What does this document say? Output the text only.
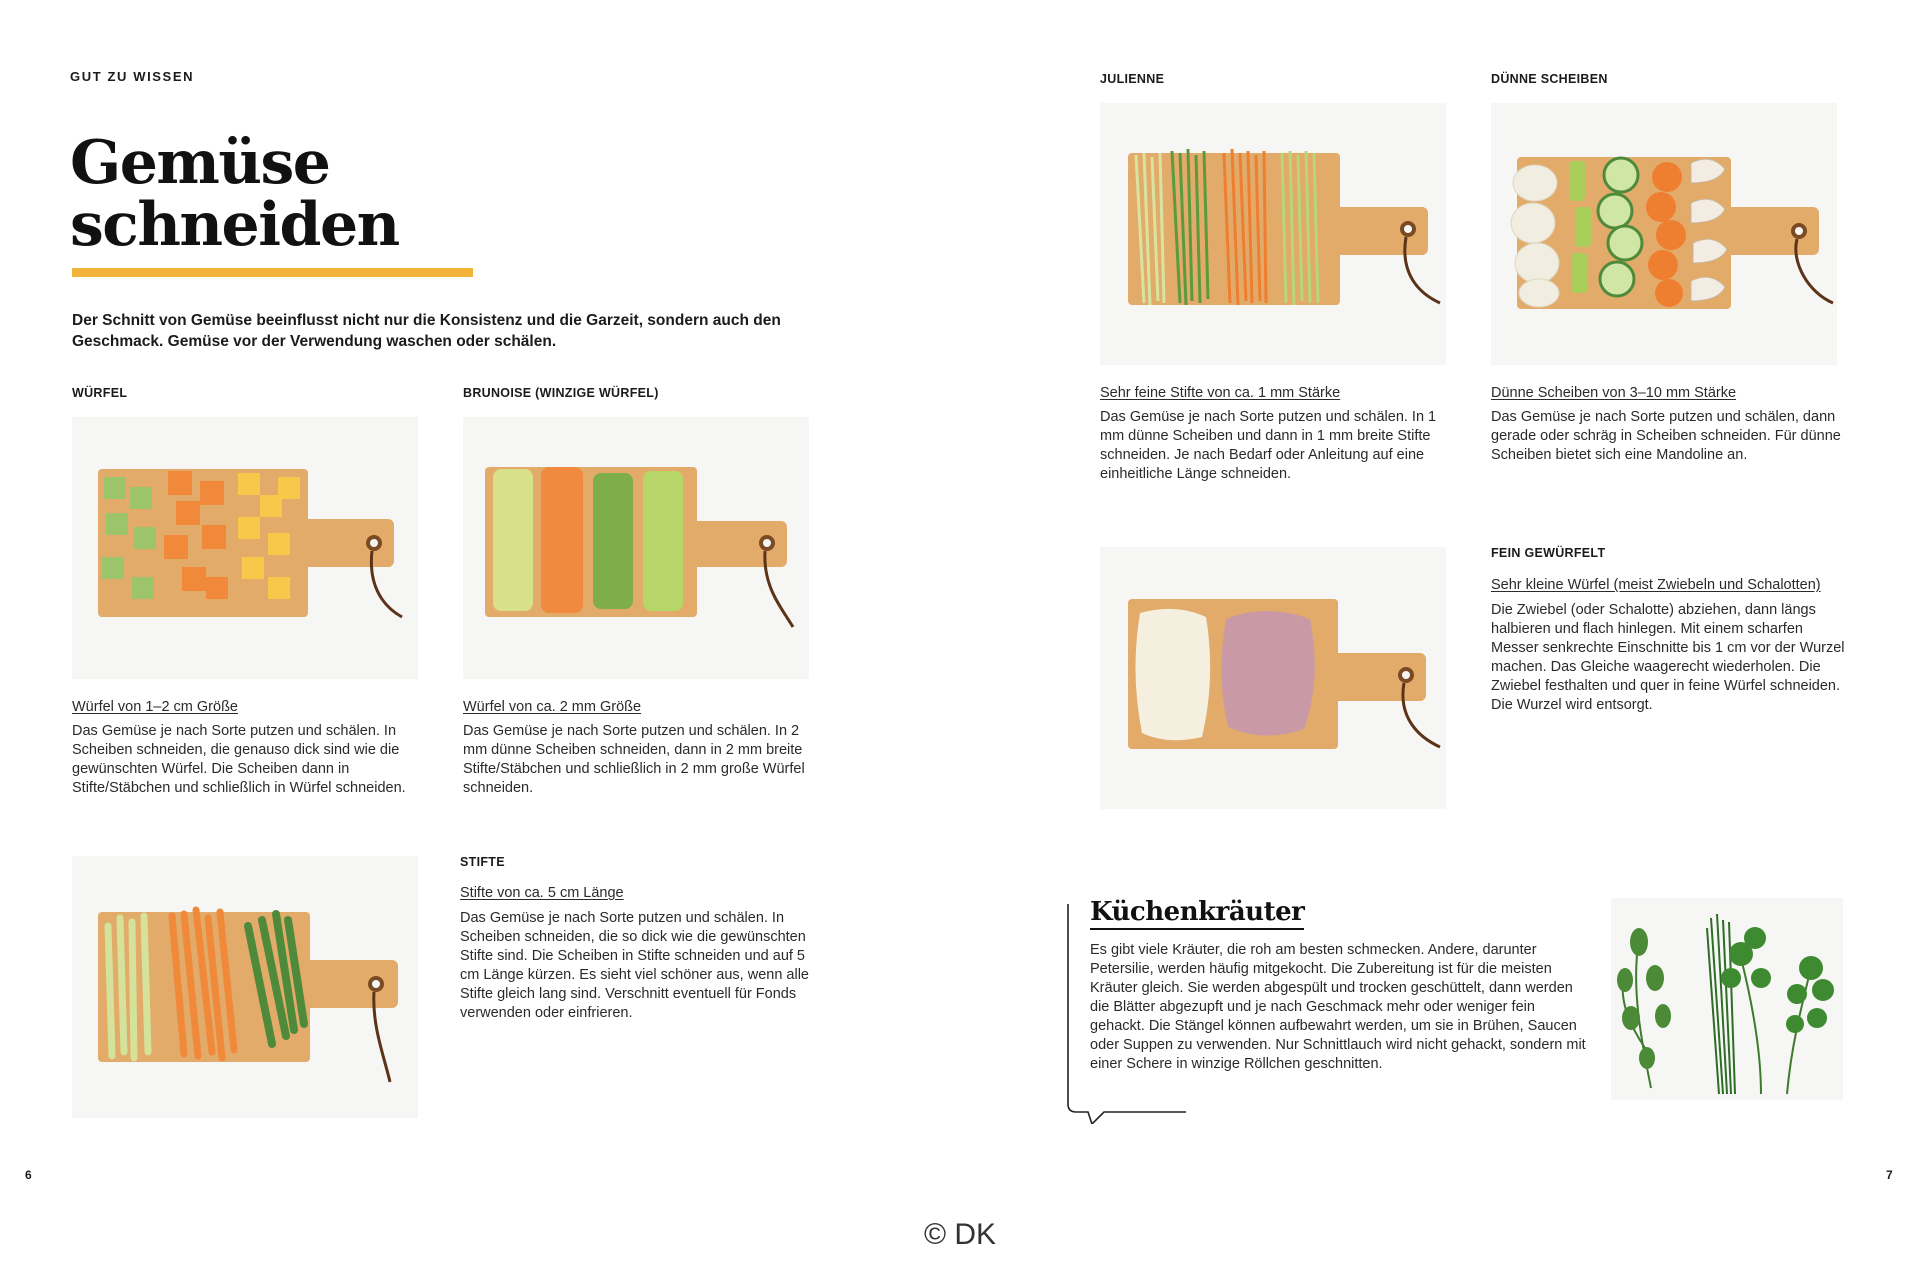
GUT ZU WISSEN
Gemüse
schneiden
Der Schnitt von Gemüse beeinflusst nicht nur die Konsistenz und die Garzeit, sondern auch den Geschmack. Gemüse vor der Verwendung waschen oder schälen.
WÜRFEL
Würfel von 1–2 cm Größe
Das Gemüse je nach Sorte putzen und schälen. In Scheiben schneiden, die genauso dick sind wie die gewünschten Würfel. Die Scheiben dann in Stifte/Stäbchen und schließlich in Würfel schneiden.
BRUNOISE (WINZIGE WÜRFEL)
Würfel von ca. 2 mm Größe
Das Gemüse je nach Sorte putzen und schälen. In 2 mm dünne Scheiben schneiden, dann in 2 mm breite Stifte/Stäbchen und schließlich in 2 mm große Würfel schneiden.
STIFTE
Stifte von ca. 5 cm Länge
Das Gemüse je nach Sorte putzen und schälen. In Scheiben schneiden, die so dick wie die gewünschten Stifte sind. Die Scheiben in Stifte schneiden und auf 5 cm Länge kürzen. Es sieht viel schöner aus, wenn alle Stifte gleich lang sind. Verschnitt eventuell für Fonds verwenden oder einfrieren.
6
JULIENNE
Sehr feine Stifte von ca. 1 mm Stärke
Das Gemüse je nach Sorte putzen und schälen. In 1 mm dünne Scheiben und dann in 1 mm breite Stifte schneiden. Je nach Bedarf oder Anleitung auf eine einheitliche Länge schneiden.
DÜNNE SCHEIBEN
Dünne Scheiben von 3–10 mm Stärke
Das Gemüse je nach Sorte putzen und schälen, dann gerade oder schräg in Scheiben schneiden. Für dünne Scheiben bietet sich eine Mandoline an.
FEIN GEWÜRFELT
Sehr kleine Würfel (meist Zwiebeln und Schalotten)
Die Zwiebel (oder Schalotte) abziehen, dann längs halbieren und flach hinlegen. Mit einem scharfen Messer senkrechte Einschnitte bis 1 cm vor der Wurzel machen. Das Gleiche waagerecht wiederholen. Die Zwiebel festhalten und quer in feine Würfel schneiden. Die Wurzel wird entsorgt.
Küchenkräuter
Es gibt viele Kräuter, die roh am besten schmecken. Andere, darunter Petersilie, werden häufig mitgekocht. Die Zubereitung ist für die meisten Kräuter gleich. Sie werden abgespült und trocken geschüttelt, dann werden die Blätter abgezupft und je nach Geschmack mehr oder weniger fein gehackt. Die Stängel können aufbewahrt werden, um sie in Brühen, Saucen oder Suppen zu verwenden. Nur Schnittlauch wird nicht gehackt, sondern mit einer Schere in winzige Röllchen geschnitten.
7
© DK
